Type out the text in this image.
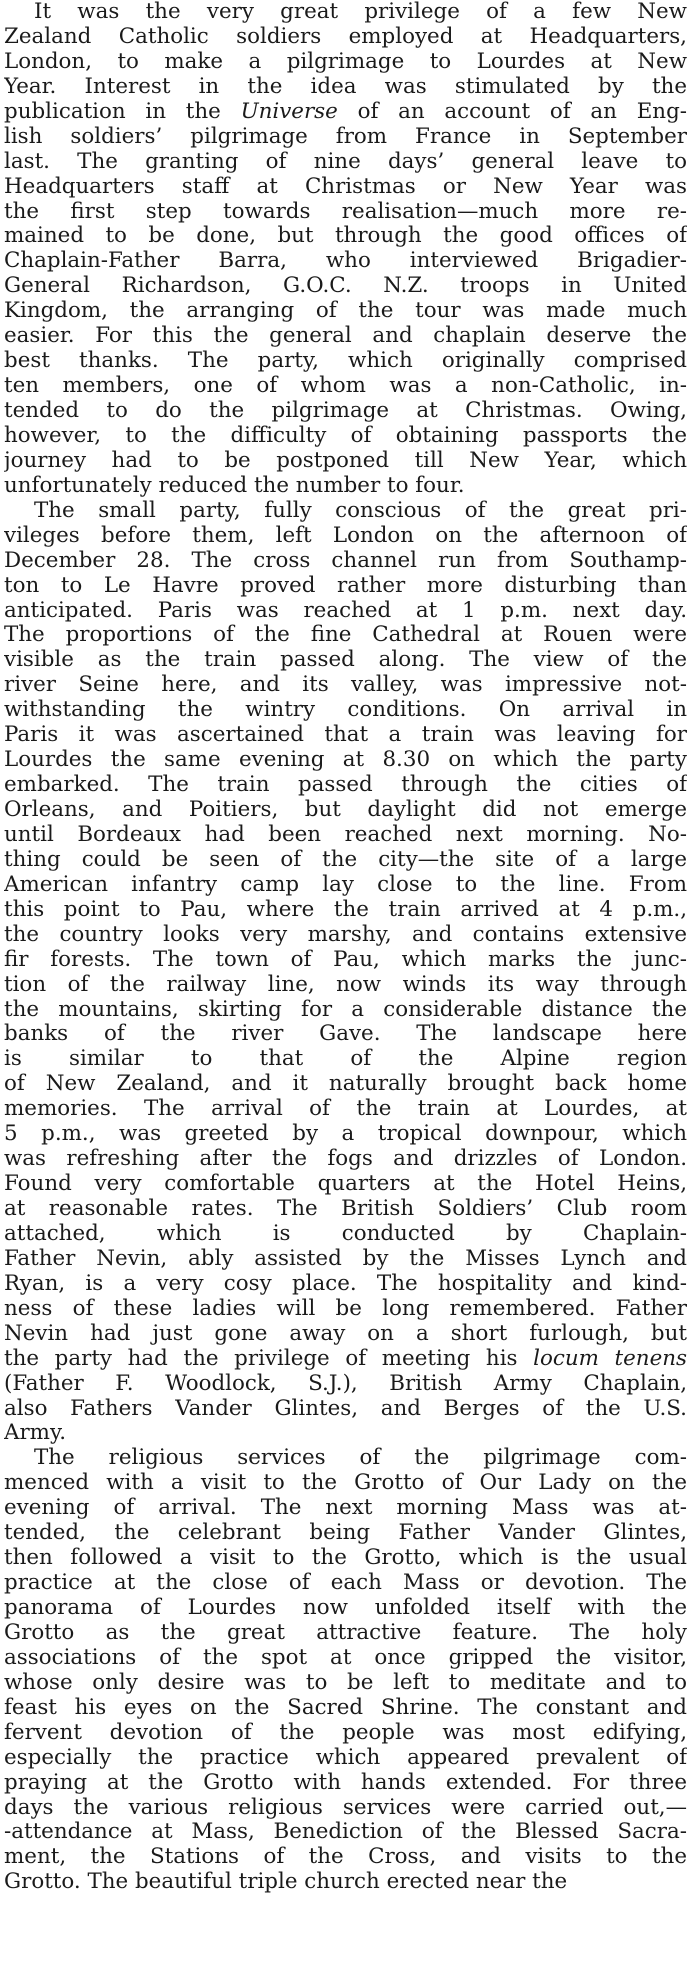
It was the very great privilege of a few New
Zealand Catholic soldiers employed at Headquarters,
London, to make a pilgrimage to Lourdes at New
Year. Interest in the idea was stimulated by the
publication in the Universe of an account of an Eng-
lish soldiers’ pilgrimage from France in September
last. The granting of nine days’ general leave to
Headquarters staff at Christmas or New Year was
the first step towards realisation—much more re-
mained to be done, but through the good offices of
Chaplain-Father Barra, who interviewed Brigadier-
General Richardson, G.O.C. N.Z. troops in United
Kingdom, the arranging of the tour was made much
easier. For this the general and chaplain deserve the
best thanks. The party, which originally comprised
ten members, one of whom was a non-Catholic, in-
tended to do the pilgrimage at Christmas. Owing,
however, to the difficulty of obtaining passports the
journey had to be postponed till New Year, which
unfortunately reduced the number to four.
The small party, fully conscious of the great pri-
vileges before them, left London on the afternoon of
December 28. The cross channel run from Southamp-
ton to Le Havre proved rather more disturbing than
anticipated. Paris was reached at 1 p.m. next day.
The proportions of the fine Cathedral at Rouen were
visible as the train passed along. The view of the
river Seine here, and its valley, was impressive not-
withstanding the wintry conditions. On arrival in
Paris it was ascertained that a train was leaving for
Lourdes the same evening at 8.30 on which the party
embarked. The train passed through the cities of
Orleans, and Poitiers, but daylight did not emerge
until Bordeaux had been reached next morning. No-
thing could be seen of the city—the site of a large
American infantry camp lay close to the line. From
this point to Pau, where the train arrived at 4 p.m.,
the country looks very marshy, and contains extensive
fir forests. The town of Pau, which marks the junc-
tion of the railway line, now winds its way through
the mountains, skirting for a considerable distance the
banks of the river Gave. The landscape here
is similar to that of the Alpine region
of New Zealand, and it naturally brought back home
memories. The arrival of the train at Lourdes, at
5 p.m., was greeted by a tropical downpour, which
was refreshing after the fogs and drizzles of London.
Found very comfortable quarters at the Hotel Heins,
at reasonable rates. The British Soldiers’ Club room
attached, which is conducted by Chaplain-
Father Nevin, ably assisted by the Misses Lynch and
Ryan, is a very cosy place. The hospitality and kind-
ness of these ladies will be long remembered. Father
Nevin had just gone away on a short furlough, but
the party had the privilege of meeting his locum tenens
(Father F. Woodlock, S.J.), British Army Chaplain,
also Fathers Vander Glintes, and Berges of the U.S.
Army.
The religious services of the pilgrimage com-
menced with a visit to the Grotto of Our Lady on the
evening of arrival. The next morning Mass was at-
tended, the celebrant being Father Vander Glintes,
then followed a visit to the Grotto, which is the usual
practice at the close of each Mass or devotion. The
panorama of Lourdes now unfolded itself with the
Grotto as the great attractive feature. The holy
associations of the spot at once gripped the visitor,
whose only desire was to be left to meditate and to
feast his eyes on the Sacred Shrine. The constant and
fervent devotion of the people was most edifying,
especially the practice which appeared prevalent of
praying at the Grotto with hands extended. For three
days the various religious services were carried out,—
-attendance at Mass, Benediction of the Blessed Sacra-
ment, the Stations of the Cross, and visits to the
Grotto. The beautiful triple church erected near the
